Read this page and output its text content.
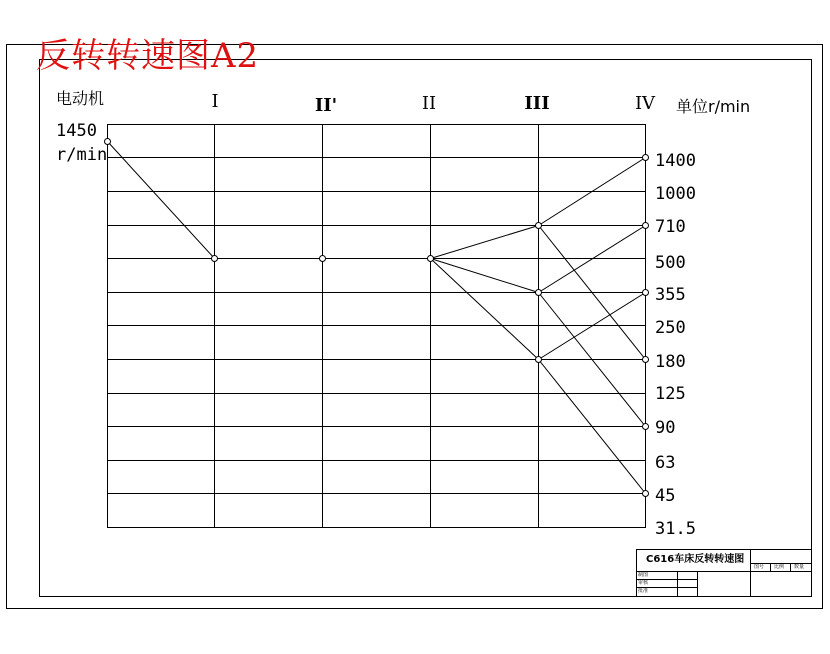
反转转速图A2
电动机
1450
r/min
单位r/min
I	II'	II	III	IV
1400
1000
710
500
355
250
180
125
90
63
45
31.5
C616车床反转转速图
制图
审核
批准
图号 比例 数量
